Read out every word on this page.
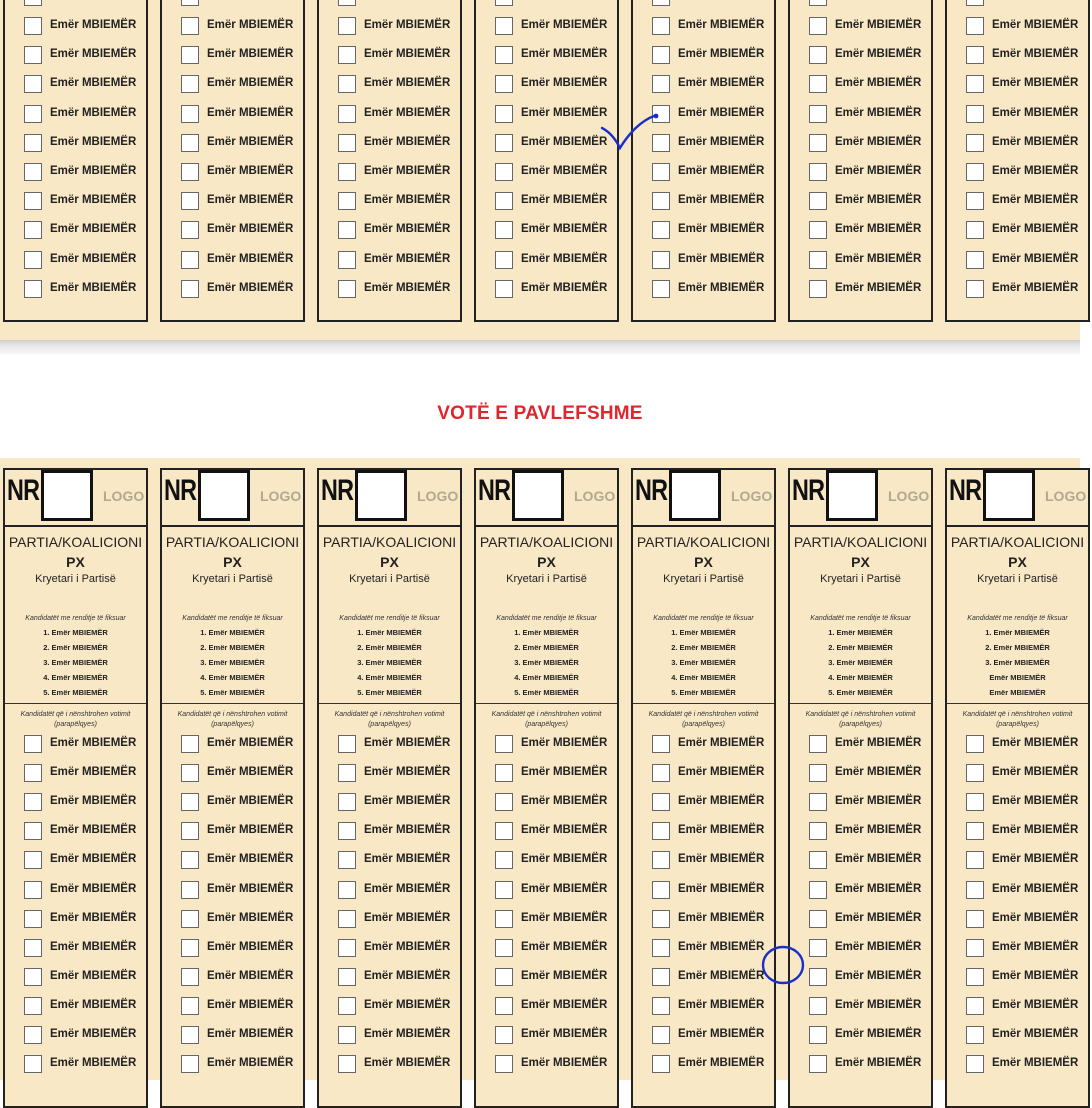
Emër MBIEMËR
Emër MBIEMËR
Emër MBIEMËR
Emër MBIEMËR
Emër MBIEMËR
Emër MBIEMËR
Emër MBIEMËR
Emër MBIEMËR
Emër MBIEMËR
Emër MBIEMËR
Emër MBIEMËR
Emër MBIEMËR
Emër MBIEMËR
Emër MBIEMËR
Emër MBIEMËR
Emër MBIEMËR
Emër MBIEMËR
Emër MBIEMËR
Emër MBIEMËR
Emër MBIEMËR
Emër MBIEMËR
Emër MBIEMËR
Emër MBIEMËR
Emër MBIEMËR
Emër MBIEMËR
Emër MBIEMËR
Emër MBIEMËR
Emër MBIEMËR
Emër MBIEMËR
Emër MBIEMËR
Emër MBIEMËR
Emër MBIEMËR
Emër MBIEMËR
Emër MBIEMËR
Emër MBIEMËR
Emër MBIEMËR
Emër MBIEMËR
Emër MBIEMËR
Emër MBIEMËR
Emër MBIEMËR
Emër MBIEMËR
Emër MBIEMËR
Emër MBIEMËR
Emër MBIEMËR
Emër MBIEMËR
Emër MBIEMËR
Emër MBIEMËR
Emër MBIEMËR
Emër MBIEMËR
Emër MBIEMËR
Emër MBIEMËR
Emër MBIEMËR
Emër MBIEMËR
Emër MBIEMËR
Emër MBIEMËR
Emër MBIEMËR
Emër MBIEMËR
Emër MBIEMËR
Emër MBIEMËR
Emër MBIEMËR
Emër MBIEMËR
Emër MBIEMËR
Emër MBIEMËR
Emër MBIEMËR
Emër MBIEMËR
Emër MBIEMËR
Emër MBIEMËR
Emër MBIEMËR
Emër MBIEMËR
Emër MBIEMËR
VOTË E PAVLEFSHME
NR	LOGO
PARTIA/KOALICIONI
PX
Kryetari i Partisë
Kandidatët me renditje të fiksuar
1. Emër MBIEMËR
2. Emër MBIEMËR
3. Emër MBIEMËR
4. Emër MBIEMËR
5. Emër MBIEMËR
Kandidatët që i nënshtrohen votimit (parapëlqyes)
Emër MBIEMËR
Emër MBIEMËR
Emër MBIEMËR
Emër MBIEMËR
Emër MBIEMËR
Emër MBIEMËR
Emër MBIEMËR
Emër MBIEMËR
Emër MBIEMËR
Emër MBIEMËR
Emër MBIEMËR
Emër MBIEMËR
NR	LOGO
PARTIA/KOALICIONI
PX
Kryetari i Partisë
Kandidatët me renditje të fiksuar
1. Emër MBIEMËR
2. Emër MBIEMËR
3. Emër MBIEMËR
4. Emër MBIEMËR
5. Emër MBIEMËR
Kandidatët që i nënshtrohen votimit (parapëlqyes)
Emër MBIEMËR
Emër MBIEMËR
Emër MBIEMËR
Emër MBIEMËR
Emër MBIEMËR
Emër MBIEMËR
Emër MBIEMËR
Emër MBIEMËR
Emër MBIEMËR
Emër MBIEMËR
Emër MBIEMËR
Emër MBIEMËR
NR	LOGO
PARTIA/KOALICIONI
PX
Kryetari i Partisë
Kandidatët me renditje të fiksuar
1. Emër MBIEMËR
2. Emër MBIEMËR
3. Emër MBIEMËR
4. Emër MBIEMËR
5. Emër MBIEMËR
Kandidatët që i nënshtrohen votimit (parapëlqyes)
Emër MBIEMËR
Emër MBIEMËR
Emër MBIEMËR
Emër MBIEMËR
Emër MBIEMËR
Emër MBIEMËR
Emër MBIEMËR
Emër MBIEMËR
Emër MBIEMËR
Emër MBIEMËR
Emër MBIEMËR
Emër MBIEMËR
NR	LOGO
PARTIA/KOALICIONI
PX
Kryetari i Partisë
Kandidatët me renditje të fiksuar
1. Emër MBIEMËR
2. Emër MBIEMËR
3. Emër MBIEMËR
4. Emër MBIEMËR
5. Emër MBIEMËR
Kandidatët që i nënshtrohen votimit (parapëlqyes)
Emër MBIEMËR
Emër MBIEMËR
Emër MBIEMËR
Emër MBIEMËR
Emër MBIEMËR
Emër MBIEMËR
Emër MBIEMËR
Emër MBIEMËR
Emër MBIEMËR
Emër MBIEMËR
Emër MBIEMËR
Emër MBIEMËR
NR	LOGO
PARTIA/KOALICIONI
PX
Kryetari i Partisë
Kandidatët me renditje të fiksuar
1. Emër MBIEMËR
2. Emër MBIEMËR
3. Emër MBIEMËR
4. Emër MBIEMËR
5. Emër MBIEMËR
Kandidatët që i nënshtrohen votimit (parapëlqyes)
Emër MBIEMËR
Emër MBIEMËR
Emër MBIEMËR
Emër MBIEMËR
Emër MBIEMËR
Emër MBIEMËR
Emër MBIEMËR
Emër MBIEMËR
Emër MBIEMËR
Emër MBIEMËR
Emër MBIEMËR
Emër MBIEMËR
NR	LOGO
PARTIA/KOALICIONI
PX
Kryetari i Partisë
Kandidatët me renditje të fiksuar
1. Emër MBIEMËR
2. Emër MBIEMËR
3. Emër MBIEMËR
4. Emër MBIEMËR
5. Emër MBIEMËR
Kandidatët që i nënshtrohen votimit (parapëlqyes)
Emër MBIEMËR
Emër MBIEMËR
Emër MBIEMËR
Emër MBIEMËR
Emër MBIEMËR
Emër MBIEMËR
Emër MBIEMËR
Emër MBIEMËR
Emër MBIEMËR
Emër MBIEMËR
Emër MBIEMËR
Emër MBIEMËR
NR	LOGO
PARTIA/KOALICIONI
PX
Kryetari i Partisë
Kandidatët me renditje të fiksuar
1. Emër MBIEMËR
2. Emër MBIEMËR
3. Emër MBIEMËR
Emër MBIEMËR
Emër MBIEMËR
Kandidatët që i nënshtrohen votimit (parapëlqyes)
Emër MBIEMËR
Emër MBIEMËR
Emër MBIEMËR
Emër MBIEMËR
Emër MBIEMËR
Emër MBIEMËR
Emër MBIEMËR
Emër MBIEMËR
Emër MBIEMËR
Emër MBIEMËR
Emër MBIEMËR
Emër MBIEMËR
